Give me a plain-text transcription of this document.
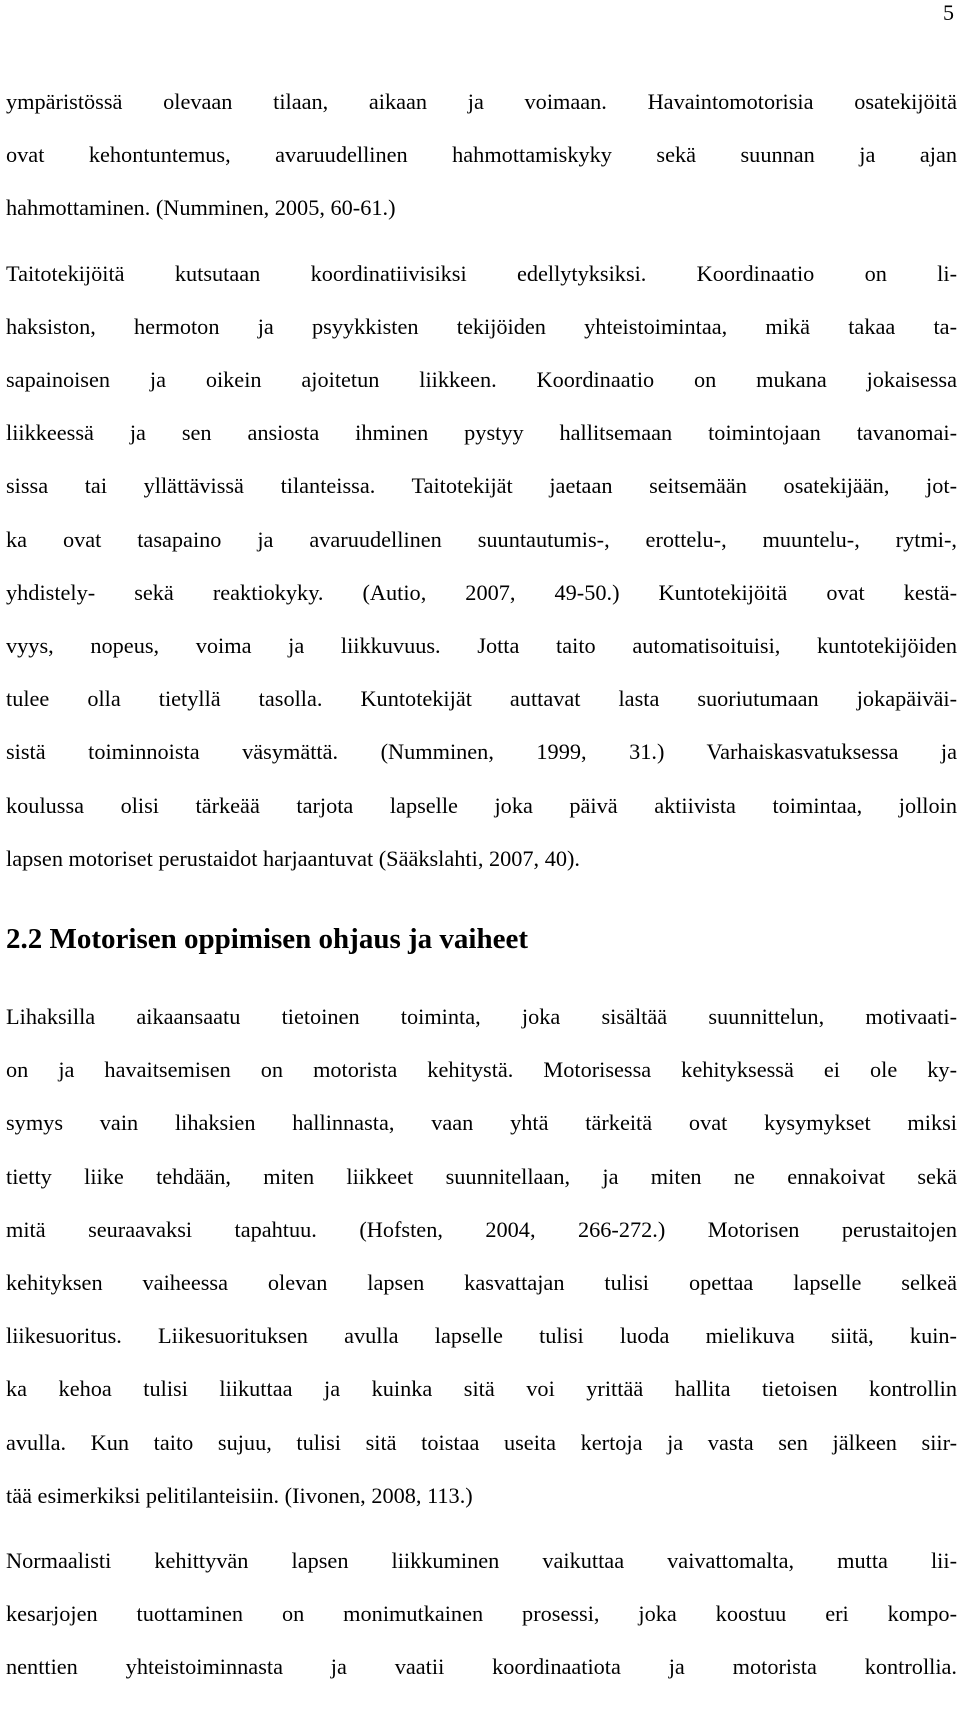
5

ympäristössä olevaan tilaan, aikaan ja voimaan. Havaintomotorisia osatekijöitä
ovat kehontuntemus, avaruudellinen hahmottamiskyky sekä suunnan ja ajan
hahmottaminen. (Numminen, 2005, 60-61.)

Taitotekijöitä kutsutaan koordinatiivisiksi edellytyksiksi. Koordinaatio on li-
haksiston, hermoton ja psyykkisten tekijöiden yhteistoimintaa, mikä takaa ta-
sapainoisen ja oikein ajoitetun liikkeen. Koordinaatio on mukana jokaisessa
liikkeessä ja sen ansiosta ihminen pystyy hallitsemaan toimintojaan tavanomai-
sissa tai yllättävissä tilanteissa. Taitotekijät jaetaan seitsemään osatekijään, jot-
ka ovat tasapaino ja avaruudellinen suuntautumis-, erottelu-, muuntelu-, rytmi-,
yhdistely- sekä reaktiokyky. (Autio, 2007, 49-50.) Kuntotekijöitä ovat kestä-
vyys, nopeus, voima ja liikkuvuus. Jotta taito automatisoituisi, kuntotekijöiden
tulee olla tietyllä tasolla. Kuntotekijät auttavat lasta suoriutumaan jokapäiväi-
sistä toiminnoista väsymättä. (Numminen, 1999, 31.) Varhaiskasvatuksessa ja
koulussa olisi tärkeää tarjota lapselle joka päivä aktiivista toimintaa, jolloin
lapsen motoriset perustaidot harjaantuvat (Sääkslahti, 2007, 40).

2.2 Motorisen oppimisen ohjaus ja vaiheet

Lihaksilla aikaansaatu tietoinen toiminta, joka sisältää suunnittelun, motivaati-
on ja havaitsemisen on motorista kehitystä. Motorisessa kehityksessä ei ole ky-
symys vain lihaksien hallinnasta, vaan yhtä tärkeitä ovat kysymykset miksi
tietty liike tehdään, miten liikkeet suunnitellaan, ja miten ne ennakoivat sekä
mitä seuraavaksi tapahtuu. (Hofsten, 2004, 266-272.) Motorisen perustaitojen
kehityksen vaiheessa olevan lapsen kasvattajan tulisi opettaa lapselle selkeä
liikesuoritus. Liikesuorituksen avulla lapselle tulisi luoda mielikuva siitä, kuin-
ka kehoa tulisi liikuttaa ja kuinka sitä voi yrittää hallita tietoisen kontrollin
avulla. Kun taito sujuu, tulisi sitä toistaa useita kertoja ja vasta sen jälkeen siir-
tää esimerkiksi pelitilanteisiin. (Iivonen, 2008, 113.)

Normaalisti kehittyvän lapsen liikkuminen vaikuttaa vaivattomalta, mutta lii-
kesarjojen tuottaminen on monimutkainen prosessi, joka koostuu eri kompo-
nenttien yhteistoiminnasta ja vaatii koordinaatiota ja motorista kontrollia.
